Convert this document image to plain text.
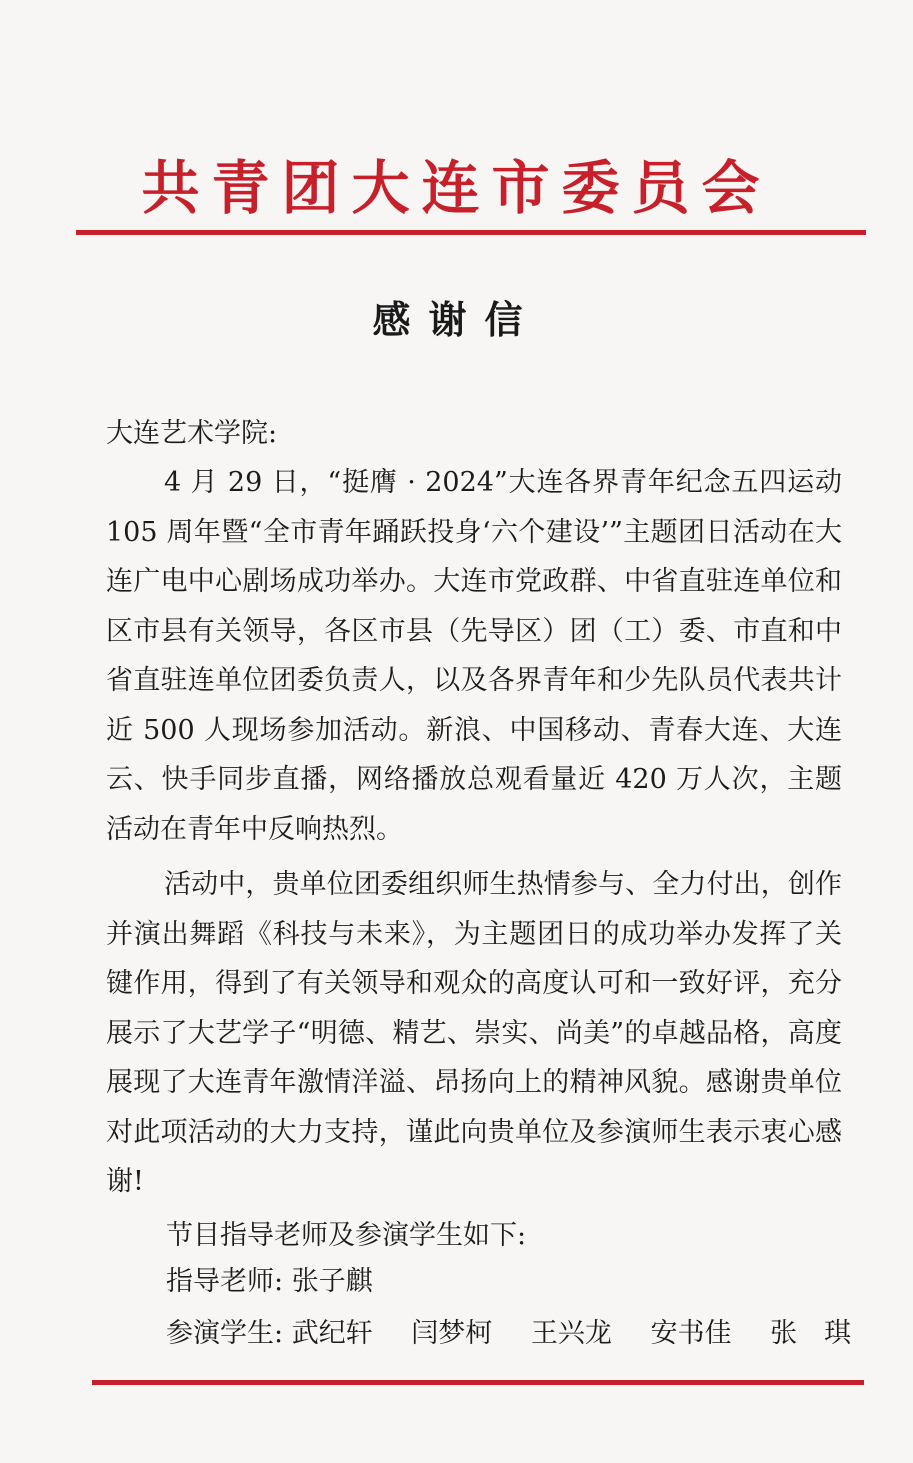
共青团大连市委员会
感谢信
大连艺术学院:
4 月 29 日，“挺膺 · 2024”大连各界青年纪念五四运动 105 周年暨“全市青年踊跃投身‘六个建设’”主题团日活动在大连广电中心剧场成功举办。大连市党政群、中省直驻连单位和区市县有关领导，各区市县（先导区）团（工）委、市直和中省直驻连单位团委负责人，以及各界青年和少先队员代表共计近 500 人现场参加活动。新浪、中国移动、青春大连、大连云、快手同步直播，网络播放总观看量近 420 万人次，主题活动在青年中反响热烈。
活动中，贵单位团委组织师生热情参与、全力付出，创作并演出舞蹈《科技与未来》，为主题团日的成功举办发挥了关键作用，得到了有关领导和观众的高度认可和一致好评，充分展示了大艺学子“明德、精艺、崇实、尚美”的卓越品格，高度展现了大连青年激情洋溢、昂扬向上的精神风貌。感谢贵单位对此项活动的大力支持，谨此向贵单位及参演师生表示衷心感谢!
节目指导老师及参演学生如下:
指导老师: 张子麒
参演学生: 武纪轩 闫梦柯 王兴龙 安书佳 张　琪
